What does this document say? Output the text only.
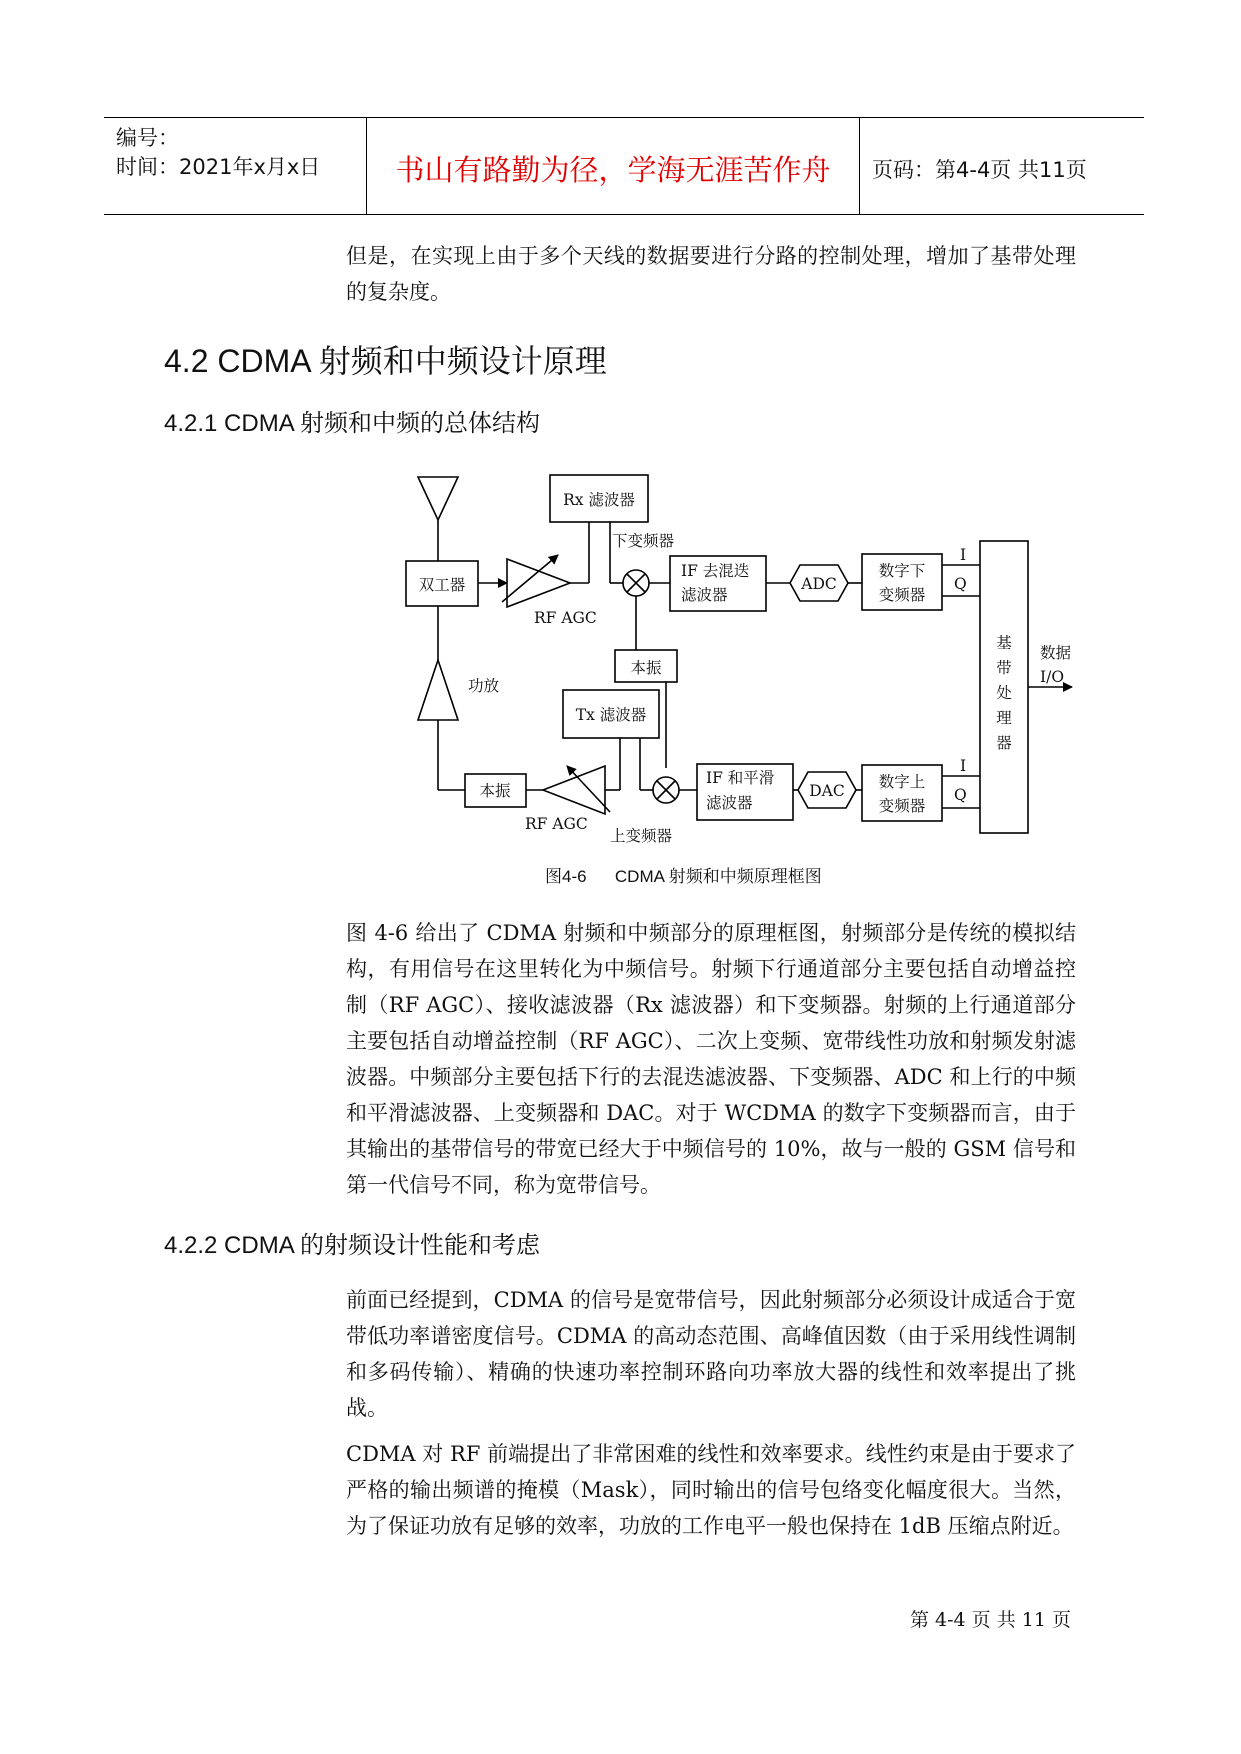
编号：
时间：2021年x月x日	书山有路勤为径，学海无涯苦作舟	页码：第4-4页 共11页

但是，在实现上由于多个天线的数据要进行分路的控制处理，增加了基带处理的复杂度。

4.2 CDMA 射频和中频设计原理
4.2.1 CDMA 射频和中频的总体结构
Rx 滤波器
下变频器
双工器
RF AGC
IF 去混迭
滤波器
ADC
数字下
变频器
I
Q
本振
功放
Tx 滤波器
基
带
处
理
器
数据
I/O
本振
IF 和平滑
滤波器
DAC 数字上
变频器
I
Q
RF AGC
上变频器
图4-6      CDMA 射频和中频原理框图

图 4-6 给出了 CDMA 射频和中频部分的原理框图，射频部分是传统的模拟结构，有用信号在这里转化为中频信号。射频下行通道部分主要包括自动增益控制（RF AGC）、接收滤波器（Rx 滤波器）和下变频器。射频的上行通道部分主要包括自动增益控制（RF AGC）、二次上变频、宽带线性功放和射频发射滤波器。中频部分主要包括下行的去混迭滤波器、下变频器、ADC 和上行的中频和平滑滤波器、上变频器和 DAC。对于 WCDMA 的数字下变频器而言，由于其输出的基带信号的带宽已经大于中频信号的 10%，故与一般的 GSM 信号和第一代信号不同，称为宽带信号。

4.2.2 CDMA 的射频设计性能和考虑

前面已经提到，CDMA 的信号是宽带信号，因此射频部分必须设计成适合于宽带低功率谱密度信号。CDMA 的高动态范围、高峰值因数（由于采用线性调制和多码传输）、精确的快速功率控制环路向功率放大器的线性和效率提出了挑战。

CDMA 对 RF 前端提出了非常困难的线性和效率要求。线性约束是由于要求了严格的输出频谱的掩模（Mask），同时输出的信号包络变化幅度很大。当然，为了保证功放有足够的效率，功放的工作电平一般也保持在 1dB 压缩点附近。

第 4-4 页 共 11 页
